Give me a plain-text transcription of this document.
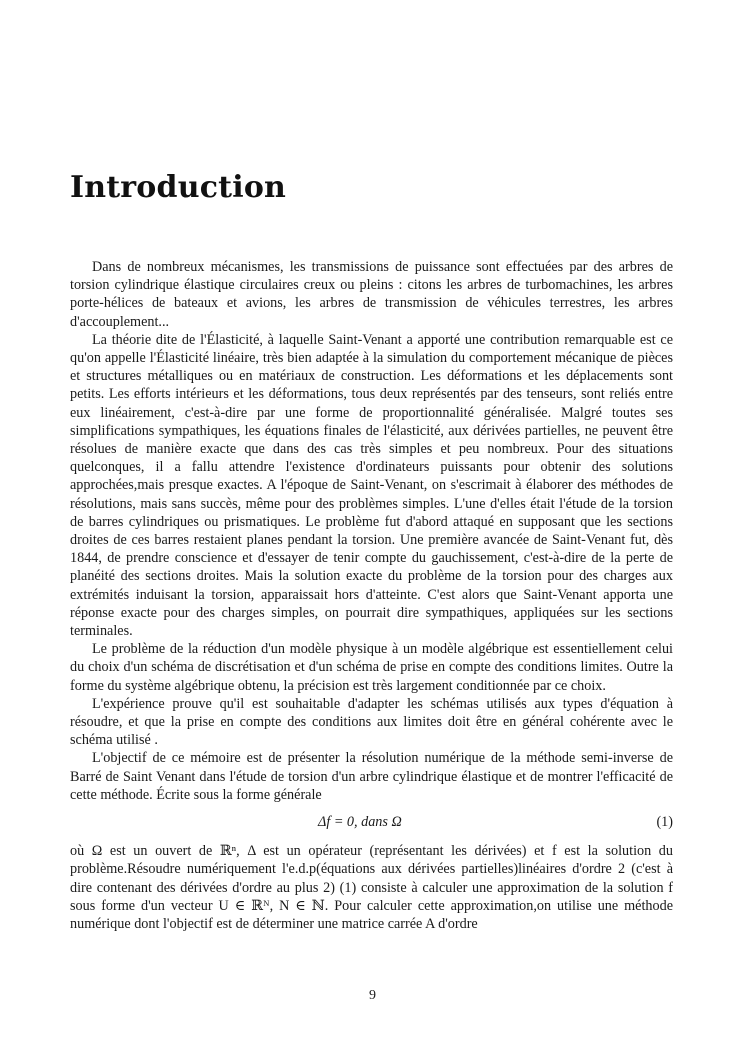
Introduction

Dans de nombreux mécanismes, les transmissions de puissance sont effectuées par des arbres de torsion cylindrique élastique circulaires creux ou pleins : citons les arbres de turbomachines, les arbres porte-hélices de bateaux et avions, les arbres de transmission de véhicules terrestres, les arbres d'accouplement...

La théorie dite de l'Élasticité, à laquelle Saint-Venant a apporté une contribution remarquable est ce qu'on appelle l'Élasticité linéaire, très bien adaptée à la simulation du comportement mécanique de pièces et structures métalliques ou en matériaux de construction. Les déformations et les déplacements sont petits. Les efforts intérieurs et les déformations, tous deux représentés par des tenseurs, sont reliés entre eux linéairement, c'est-à-dire par une forme de proportionnalité généralisée. Malgré toutes ses simplifications sympathiques, les équations finales de l'élasticité, aux dérivées partielles, ne peuvent être résolues de manière exacte que dans des cas très simples et peu nombreux. Pour des situations quelconques, il a fallu attendre l'existence d'ordinateurs puissants pour obtenir des solutions approchées,mais presque exactes. A l'époque de Saint-Venant, on s'escrimait à élaborer des méthodes de résolutions, mais sans succès, même pour des problèmes simples. L'une d'elles était l'étude de la torsion de barres cylindriques ou prismatiques. Le problème fut d'abord attaqué en supposant que les sections droites de ces barres restaient planes pendant la torsion. Une première avancée de Saint-Venant fut, dès 1844, de prendre conscience et d'essayer de tenir compte du gauchissement, c'est-à-dire de la perte de planéité des sections droites. Mais la solution exacte du problème de la torsion pour des charges aux extrémités induisant la torsion, apparaissait hors d'atteinte. C'est alors que Saint-Venant apporta une réponse exacte pour des charges simples, on pourrait dire sympathiques, appliquées sur les sections terminales.

Le problème de la réduction d'un modèle physique à un modèle algébrique est essentiellement celui du choix d'un schéma de discrétisation et d'un schéma de prise en compte des conditions limites. Outre la forme du système algébrique obtenu, la précision est très largement conditionnée par ce choix.

L'expérience prouve qu'il est souhaitable d'adapter les schémas utilisés aux types d'équation à résoudre, et que la prise en compte des conditions aux limites doit être en général cohérente avec le schéma utilisé .

L'objectif de ce mémoire est de présenter la résolution numérique de la méthode semi-inverse de Barré de Saint Venant dans l'étude de torsion d'un arbre cylindrique élastique et de montrer l'efficacité de cette méthode. Écrite sous la forme générale

Δf = 0, dans Ω	(1)

où Ω est un ouvert de ℝⁿ, Δ est un opérateur (représentant les dérivées) et f est la solution du problème.Résoudre numériquement l'e.d.p(équations aux dérivées partielles)linéaires d'ordre 2 (c'est à dire contenant des dérivées d'ordre au plus 2) (1) consiste à calculer une approximation de la solution f sous forme d'un vecteur U ∈ ℝᴺ, N ∈ ℕ. Pour calculer cette approximation,on utilise une méthode numérique dont l'objectif est de déterminer une matrice carrée A d'ordre

9
